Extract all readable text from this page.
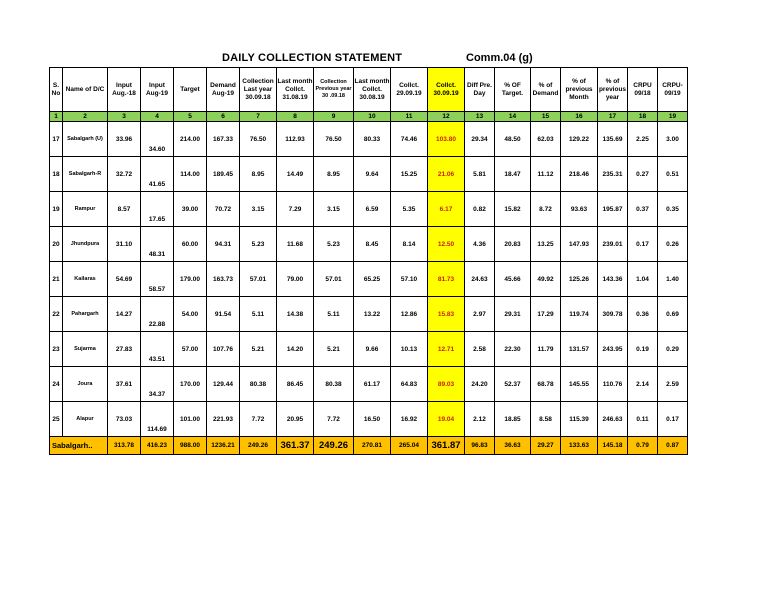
DAILY COLLECTION STATEMENT	Comm.04 (g)
S. No	Name of D/C	Input Aug.-18	Input Aug-19	Target	Demand Aug-19	Collection Last year 30.09.18	Last month Collct. 31.08.19	Collection Previous year 30 .09.18	Last month Collct. 30.08.19	Collct. 29.09.19	Collct. 30.09.19	Diff Pre. Day	% OF Target.	% of Demand	% of previous Month	% of previous year	CRPU 09/18	CRPU- 09/19
1	2	3	4	5	6	7	8	9	10	11	12	13	14	15	16	17	18	19
17	Sabalgarh (U)	33.96	34.60	214.00	167.33	76.50	112.93	76.50	80.33	74.46	103.80	29.34	48.50	62.03	129.22	135.69	2.25	3.00
18	Sabalgarh-R	32.72	41.65	114.00	189.45	8.95	14.49	8.95	9.64	15.25	21.06	5.81	18.47	11.12	218.46	235.31	0.27	0.51
19	Rampur	8.57	17.65	39.00	70.72	3.15	7.29	3.15	6.59	5.35	6.17	0.82	15.82	8.72	93.63	195.87	0.37	0.35
20	Jhundpura	31.10	48.31	60.00	94.31	5.23	11.68	5.23	8.45	8.14	12.50	4.36	20.83	13.25	147.93	239.01	0.17	0.26
21	Kailaras	54.69	58.57	179.00	163.73	57.01	79.00	57.01	65.25	57.10	81.73	24.63	45.66	49.92	125.26	143.36	1.04	1.40
22	Pahargarh	14.27	22.88	54.00	91.54	5.11	14.38	5.11	13.22	12.86	15.83	2.97	29.31	17.29	119.74	309.78	0.36	0.69
23	Sujarma	27.83	43.51	57.00	107.76	5.21	14.20	5.21	9.66	10.13	12.71	2.58	22.30	11.79	131.57	243.95	0.19	0.29
24	Joura	37.61	34.37	170.00	129.44	80.38	86.45	80.38	61.17	64.83	89.03	24.20	52.37	68.78	145.55	110.76	2.14	2.59
25	Alapur	73.03	114.69	101.00	221.93	7.72	20.95	7.72	16.50	16.92	19.04	2.12	18.85	8.58	115.39	246.63	0.11	0.17
Sabalgarh..		313.78	416.23	988.00	1236.21	249.26	361.37	249.26	270.81	265.04	361.87	96.83	36.63	29.27	133.63	145.18	0.79	0.87
